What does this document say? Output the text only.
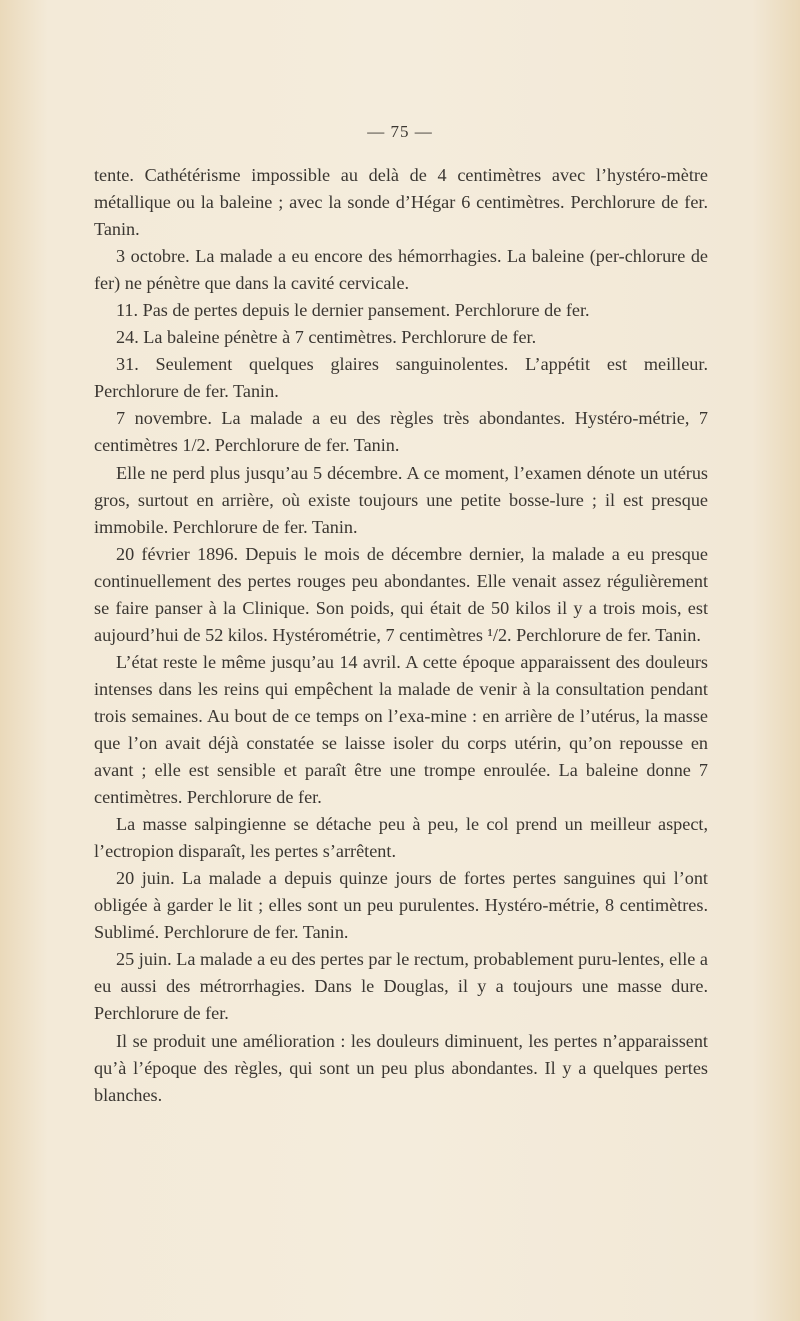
— 75 —

tente. Cathétérisme impossible au delà de 4 centimètres avec l’hystéro-mètre métallique ou la baleine ; avec la sonde d’Hégar 6 centimètres. Perchlorure de fer. Tanin.

3 octobre. La malade a eu encore des hémorrhagies. La baleine (per-chlorure de fer) ne pénètre que dans la cavité cervicale.

11. Pas de pertes depuis le dernier pansement. Perchlorure de fer.

24. La baleine pénètre à 7 centimètres. Perchlorure de fer.

31. Seulement quelques glaires sanguinolentes. L’appétit est meilleur. Perchlorure de fer. Tanin.

7 novembre. La malade a eu des règles très abondantes. Hystéro-métrie, 7 centimètres 1/2. Perchlorure de fer. Tanin.

Elle ne perd plus jusqu’au 5 décembre. A ce moment, l’examen dénote un utérus gros, surtout en arrière, où existe toujours une petite bosse-lure ; il est presque immobile. Perchlorure de fer. Tanin.

20 février 1896. Depuis le mois de décembre dernier, la malade a eu presque continuellement des pertes rouges peu abondantes. Elle venait assez régulièrement se faire panser à la Clinique. Son poids, qui était de 50 kilos il y a trois mois, est aujourd’hui de 52 kilos. Hystérométrie, 7 centimètres ¹/2. Perchlorure de fer. Tanin.

L’état reste le même jusqu’au 14 avril. A cette époque apparaissent des douleurs intenses dans les reins qui empêchent la malade de venir à la consultation pendant trois semaines. Au bout de ce temps on l’exa-mine : en arrière de l’utérus, la masse que l’on avait déjà constatée se laisse isoler du corps utérin, qu’on repousse en avant ; elle est sensible et paraît être une trompe enroulée. La baleine donne 7 centimètres. Perchlorure de fer.

La masse salpingienne se détache peu à peu, le col prend un meilleur aspect, l’ectropion disparaît, les pertes s’arrêtent.

20 juin. La malade a depuis quinze jours de fortes pertes sanguines qui l’ont obligée à garder le lit ; elles sont un peu purulentes. Hystéro-métrie, 8 centimètres. Sublimé. Perchlorure de fer. Tanin.

25 juin. La malade a eu des pertes par le rectum, probablement puru-lentes, elle a eu aussi des métrorrhagies. Dans le Douglas, il y a toujours une masse dure. Perchlorure de fer.

Il se produit une amélioration : les douleurs diminuent, les pertes n’apparaissent qu’à l’époque des règles, qui sont un peu plus abondantes. Il y a quelques pertes blanches.
